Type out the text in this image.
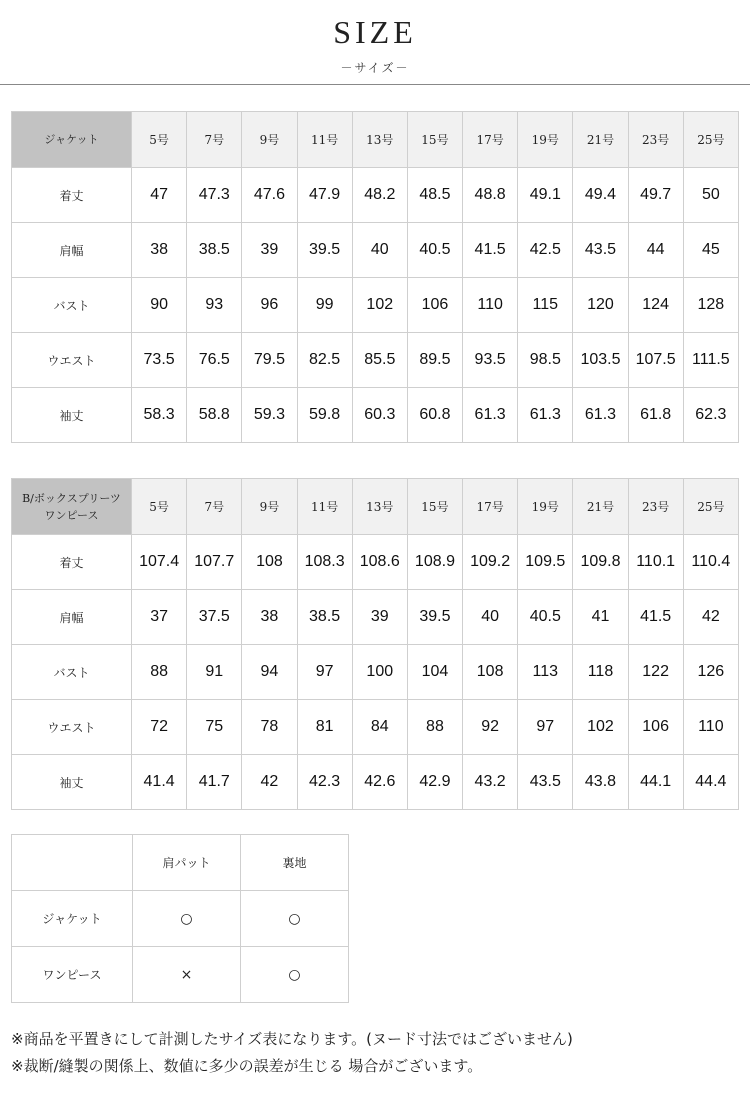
SIZE
－サイズ－
ジャケット	5号	7号	9号	11号	13号	15号	17号	19号	21号	23号	25号
着丈	47	47.3	47.6	47.9	48.2	48.5	48.8	49.1	49.4	49.7	50
肩幅	38	38.5	39	39.5	40	40.5	41.5	42.5	43.5	44	45
バスト	90	93	96	99	102	106	110	115	120	124	128
ウエスト	73.5	76.5	79.5	82.5	85.5	89.5	93.5	98.5	103.5	107.5	111.5
袖丈	58.3	58.8	59.3	59.8	60.3	60.8	61.3	61.3	61.3	61.8	62.3
B/ボックスプリーツ
ワンピース	5号	7号	9号	11号	13号	15号	17号	19号	21号	23号	25号
着丈	107.4	107.7	108	108.3	108.6	108.9	109.2	109.5	109.8	110.1	110.4
肩幅	37	37.5	38	38.5	39	39.5	40	40.5	41	41.5	42
バスト	88	91	94	97	100	104	108	113	118	122	126
ウエスト	72	75	78	81	84	88	92	97	102	106	110
袖丈	41.4	41.7	42	42.3	42.6	42.9	43.2	43.5	43.8	44.1	44.4
	肩パット	裏地
ジャケット	○	○
ワンピース	×	○
※商品を平置きにして計測したサイズ表になります。(ヌード寸法ではございません)
※裁断/縫製の関係上、数値に多少の誤差が生じる 場合がございます。
